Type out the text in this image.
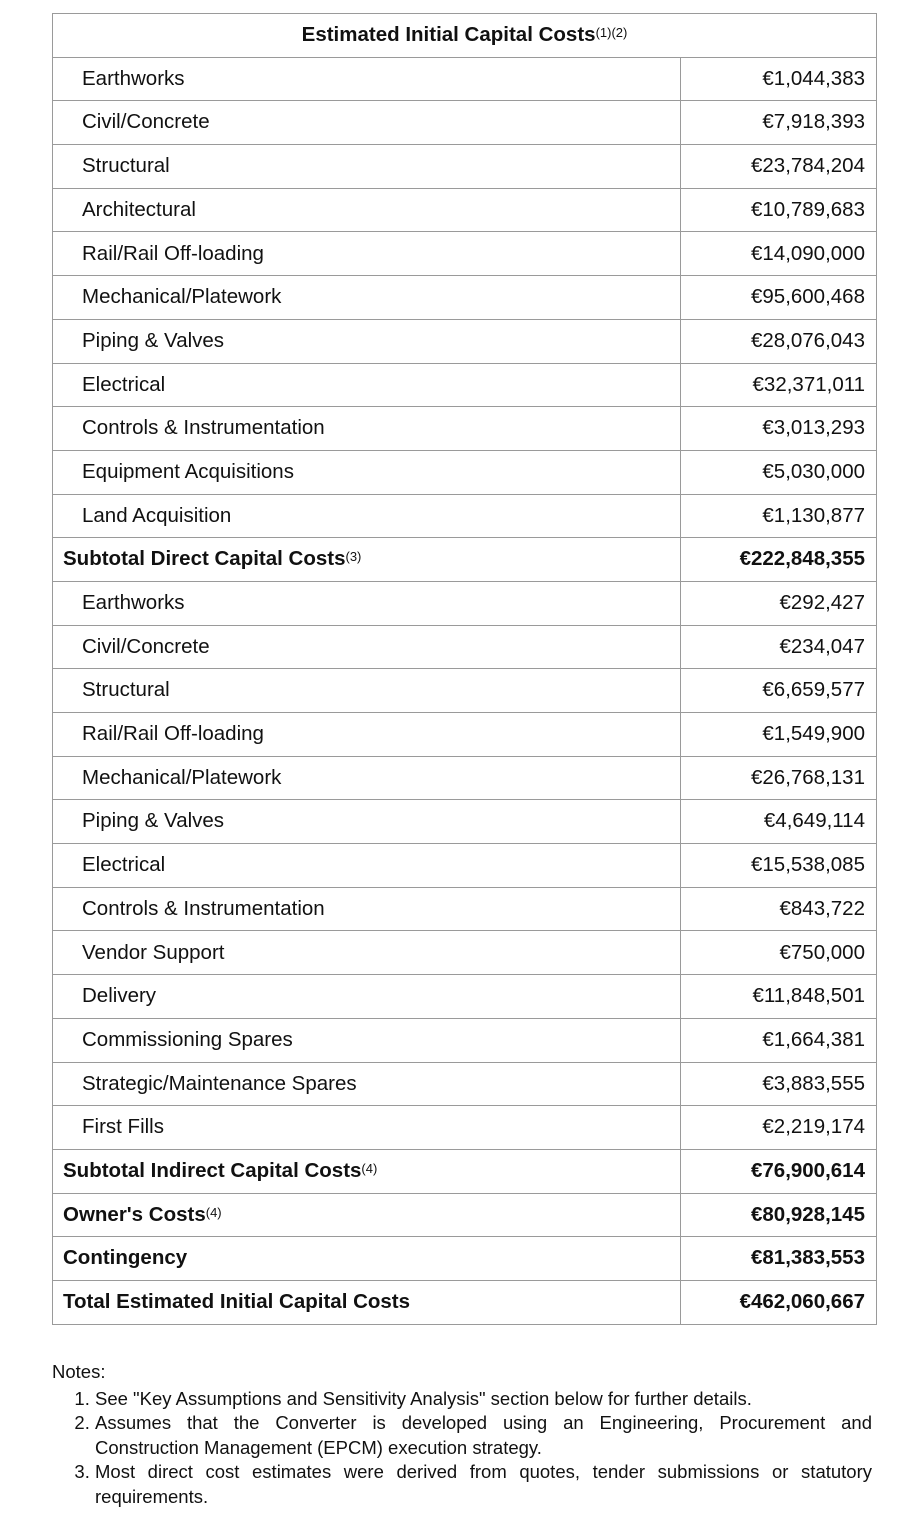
Estimated Initial Capital Costs(1)(2)	
Earthworks	€1,044,383
Civil/Concrete	€7,918,393
Structural	€23,784,204
Architectural	€10,789,683
Rail/Rail Off-loading	€14,090,000
Mechanical/Platework	€95,600,468
Piping & Valves	€28,076,043
Electrical	€32,371,011
Controls & Instrumentation	€3,013,293
Equipment Acquisitions	€5,030,000
Land Acquisition	€1,130,877
Subtotal Direct Capital Costs(3)	€222,848,355
Earthworks	€292,427
Civil/Concrete	€234,047
Structural	€6,659,577
Rail/Rail Off-loading	€1,549,900
Mechanical/Platework	€26,768,131
Piping & Valves	€4,649,114
Electrical	€15,538,085
Controls & Instrumentation	€843,722
Vendor Support	€750,000
Delivery	€11,848,501
Commissioning Spares	€1,664,381
Strategic/Maintenance Spares	€3,883,555
First Fills	€2,219,174
Subtotal Indirect Capital Costs(4)	€76,900,614
Owner's Costs(4)	€80,928,145
Contingency	€81,383,553
Total Estimated Initial Capital Costs	€462,060,667
Notes:
1. See "Key Assumptions and Sensitivity Analysis" section below for further details.
2. Assumes that the Converter is developed using an Engineering, Procurement and Construction Management (EPCM) execution strategy.
3. Most direct cost estimates were derived from quotes, tender submissions or statutory requirements.
